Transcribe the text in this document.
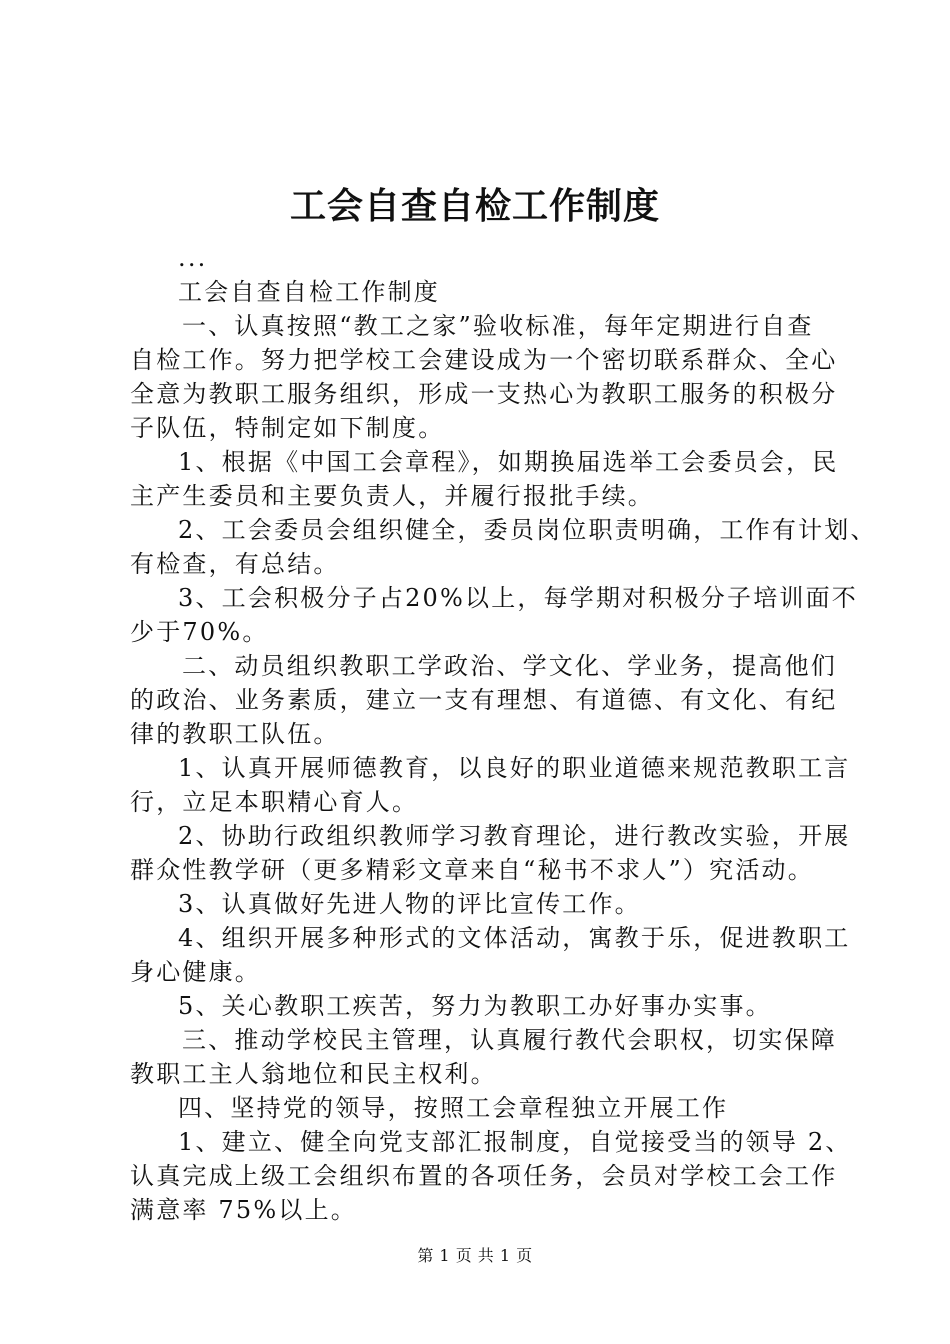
工会自查自检工作制度
...
工会自查自检工作制度
一、认真按照“教工之家”验收标准，每年定期进行自查
自检工作。努力把学校工会建设成为一个密切联系群众、全心
全意为教职工服务组织，形成一支热心为教职工服务的积极分
子队伍，特制定如下制度。
1、根据《中国工会章程》，如期换届选举工会委员会，民
主产生委员和主要负责人，并履行报批手续。
2、工会委员会组织健全，委员岗位职责明确，工作有计划、
有检查，有总结。
3、工会积极分子占20%以上，每学期对积极分子培训面不
少于70%。
二、动员组织教职工学政治、学文化、学业务，提高他们
的政治、业务素质，建立一支有理想、有道德、有文化、有纪
律的教职工队伍。
1、认真开展师德教育，以良好的职业道德来规范教职工言
行，立足本职精心育人。
2、协助行政组织教师学习教育理论，进行教改实验，开展
群众性教学研（更多精彩文章来自“秘书不求人”）究活动。
3、认真做好先进人物的评比宣传工作。
4、组织开展多种形式的文体活动，寓教于乐，促进教职工
身心健康。
5、关心教职工疾苦，努力为教职工办好事办实事。
三、推动学校民主管理，认真履行教代会职权，切实保障
教职工主人翁地位和民主权利。
四、坚持党的领导，按照工会章程独立开展工作
1、建立、健全向党支部汇报制度，自觉接受当的领导 2、
认真完成上级工会组织布置的各项任务，会员对学校工会工作
满意率 75%以上。
第 1 页 共 1 页
